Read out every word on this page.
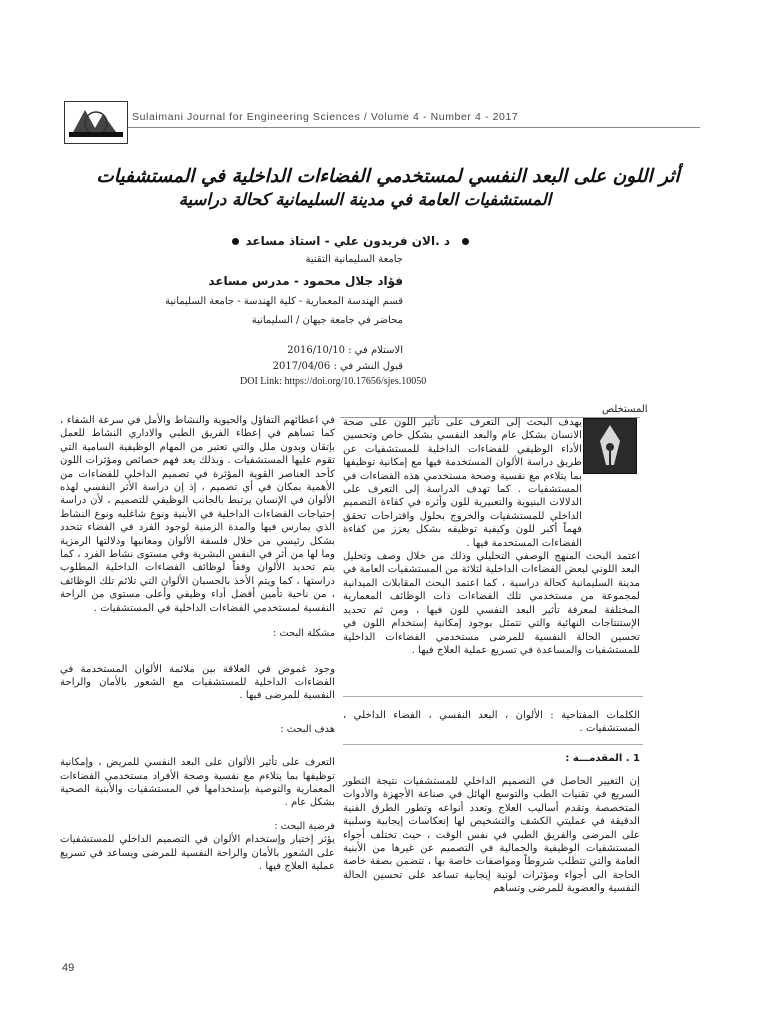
Sulaimani Journal for Engineering Sciences / Volume 4 - Number 4 - 2017
أثر اللون على البعد النفسي لمستخدمي الفضاءات الداخلية في المستشفيات
المستشفيات العامة في مدينة السليمانية كحالة دراسية
د .الان فريدون علي - استاذ مساعد
جامعة السليمانية التقنية
فؤاد جلال محمود - مدرس مساعد
قسم الهندسة المعمارية - كلية الهندسة - جامعة السليمانية
محاضر في جامعة جيهان / السليمانية
الاستلام في : 2016/10/10
قبول النشر في : 2017/04/06
DOI Link: https://doi.org/10.17656/sjes.10050
المستخلص

يهدف البحث إلى التعرف على تأثير اللون على صحة الانسان بشكل عام والبعد النفسي بشكل خاص وتحسين الأداء الوظيفي للفضاءات الداخلية للمستشفيات عن طريق دراسة الألوان المستخدمة فيها مع إمكانية توظيفها بما يتلاءم مع نفسية وصحة مستخدمي هذه الفضاءات في المستشفيات . كما تهدف الدراسة إلى التعرف على الدلالات البنيوية والتعبيرية للون وأثره في كفاءة التصميم الداخلي للمستشفيات والخروج بحلول واقتراحات تحقق فهماً أكبر للون وكيفية توظيفه بشكل يعزز من كفاءة الفضاءات المستخدمة فيها .

اعتمد البحث المنهج الوصفي التحليلي وذلك من خلال وصف وتحليل البعد اللوني لبعض الفضاءات الداخلية لثلاثة من المستشفيات العامة في مدينة السليمانية كحالة دراسية ، كما اعتمد البحث المقابلات الميدانية لمجموعة من مستخدمي تلك الفضاءات ذات الوظائف المعمارية المختلفة لمعرفة تأثير البعد النفسي للون فيها ، ومن ثم تحديد الإستنتاجات النهائية والتي تتمثل بوجود إمكانية إستخدام اللون في تحسين الحالة النفسية للمرضى مستخدمي الفضاءات الداخلية للمستشفيات والمساعدة في تسريع عملية العلاج فيها .

الكلمات المفتاحية : الألوان ، البعد النفسي ، الفضاء الداخلي ، المستشفيات .
1 . المقدمـــة :

إن التغيير الحاصل في التصميم الداخلي للمستشفيات نتيجة التطور السريع في تقنيات الطب والتوسع الهائل في صناعة الأجهزة والأدوات المتخصصة وتقدم أساليب العلاج وتعدد أنواعه وتطور الطرق الفنية الدقيقة في عمليتي الكشف والتشخيص لها إنعكاسات إيجابية وسلبية على المرضى والفريق الطبي في نفس الوقت ، حيث تختلف أجواء المستشفيات الوظيفية والجمالية في التصميم عن غيرها من الأبنية العامة والتي تتطلب شروطاً ومواصفات خاصة بها ، تتضمن بصفة خاصة الحاجة الى أجواء ومؤثرات لونية إيجابية تساعد على تحسين الحالة النفسية والعضوية للمرضى وتساهم

في اعطائهم التفاؤل والحيوية والنشاط والأمل في سرعة الشفاء ، كما تساهم في إعطاء الفريق الطبي والاداري النشاط للعمل بإتقان وبدون ملل والتي تعتبر من المهام الوظيفية السامية التي تقوم عليها المستشفيات . وبذلك يعد فهم خصائص ومؤثرات اللون كأحد العناصر القوية المؤثرة في تصميم الداخلي للفضاءات من الأهمية بمكان في أي تصميم ، إذ إن دراسة الأثر النفسي لهذه الألوان في الإنسان يرتبط بالجانب الوظيفي للتصميم ، لأن دراسة إحتياجات الفضاءات الداخلية في الأبنية ونوع شاغليه ونوع النشاط الذي يمارس فيها والمدة الزمنية لوجود الفرد في الفضاء تتحدد بشكل رئيسي من خلال فلسفة الألوان ومعانيها ودلالتها الرمزية وما لها من أثر في النفس البشرية وفي مستوى نشاط الفرد ، كما يتم تحديد الألوان وفقاً لوظائف الفضاءات الداخلية المطلوب دراستها ، كما ويتم الأخذ بالحسبان الألوان التي تلائم تلك الوظائف ، من ناحية تأمين أفضل أداء وظيفي وأعلى مستوى من الراحة النفسية لمستخدمي الفضاءات الداخلية في المستشفيات .

مشكلة البحث :

وجود غموض في العلاقة بين ملائمة الألوان المستخدمة في الفضاءات الداخلية للمستشفيات مع الشعور بالأمان والراحة النفسية للمرضى فيها .

هدف البحث :

التعرف على تأثير الألوان على البعد النفسي للمريض ، وإمكانية توظيفها بما يتلاءم مع نفسية وصحة الأفراد مستخدمي الفضاءات المعمارية والتوصية بإستخدامها في المستشفيات والأبنية الصحية بشكل عام .

فرضية البحث :

يؤثر إختيار وإستخدام الألوان في التصميم الداخلي للمستشفيات على الشعور بالأمان والراحة النفسية للمرضى ويساعد في تسريع عملية العلاج فيها .

49
